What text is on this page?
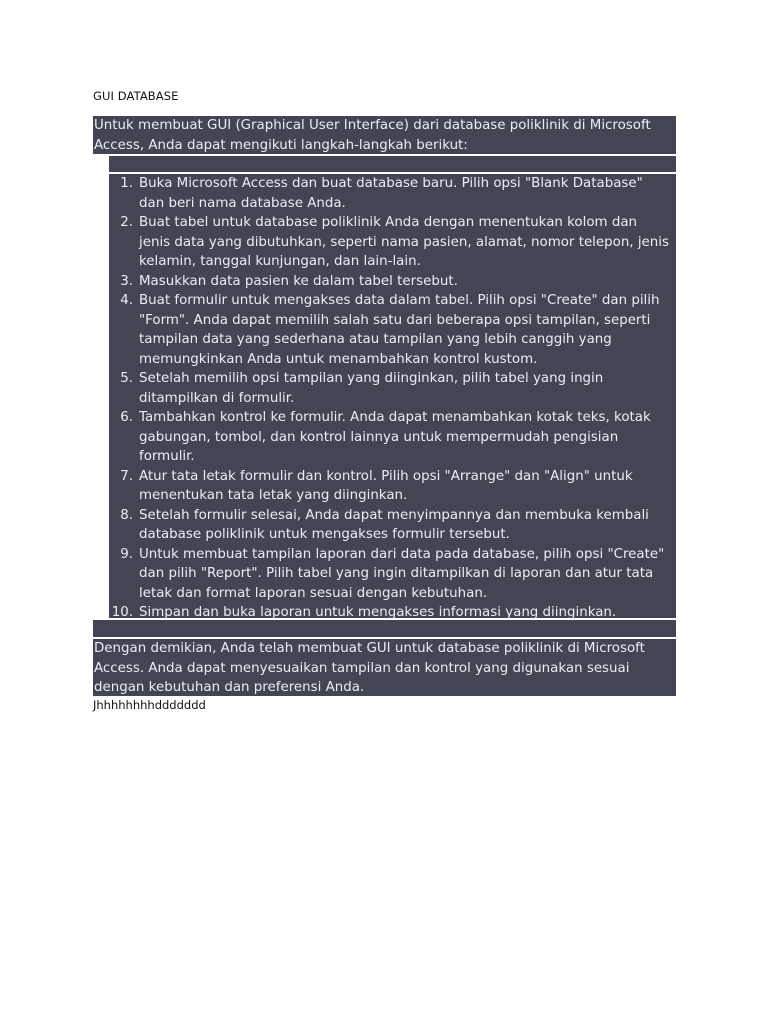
GUI DATABASE
Untuk membuat GUI (Graphical User Interface) dari database poliklinik di Microsoft Access, Anda dapat mengikuti langkah-langkah berikut:
1. Buka Microsoft Access dan buat database baru. Pilih opsi "Blank Database" dan beri nama database Anda.
2. Buat tabel untuk database poliklinik Anda dengan menentukan kolom dan jenis data yang dibutuhkan, seperti nama pasien, alamat, nomor telepon, jenis kelamin, tanggal kunjungan, dan lain-lain.
3. Masukkan data pasien ke dalam tabel tersebut.
4. Buat formulir untuk mengakses data dalam tabel. Pilih opsi "Create" dan pilih "Form". Anda dapat memilih salah satu dari beberapa opsi tampilan, seperti tampilan data yang sederhana atau tampilan yang lebih canggih yang memungkinkan Anda untuk menambahkan kontrol kustom.
5. Setelah memilih opsi tampilan yang diinginkan, pilih tabel yang ingin ditampilkan di formulir.
6. Tambahkan kontrol ke formulir. Anda dapat menambahkan kotak teks, kotak gabungan, tombol, dan kontrol lainnya untuk mempermudah pengisian formulir.
7. Atur tata letak formulir dan kontrol. Pilih opsi "Arrange" dan "Align" untuk menentukan tata letak yang diinginkan.
8. Setelah formulir selesai, Anda dapat menyimpannya dan membuka kembali database poliklinik untuk mengakses formulir tersebut.
9. Untuk membuat tampilan laporan dari data pada database, pilih opsi "Create" dan pilih "Report". Pilih tabel yang ingin ditampilkan di laporan dan atur tata letak dan format laporan sesuai dengan kebutuhan.
10. Simpan dan buka laporan untuk mengakses informasi yang diinginkan.
Dengan demikian, Anda telah membuat GUI untuk database poliklinik di Microsoft Access. Anda dapat menyesuaikan tampilan dan kontrol yang digunakan sesuai dengan kebutuhan dan preferensi Anda.
Jhhhhhhhhddddddd
